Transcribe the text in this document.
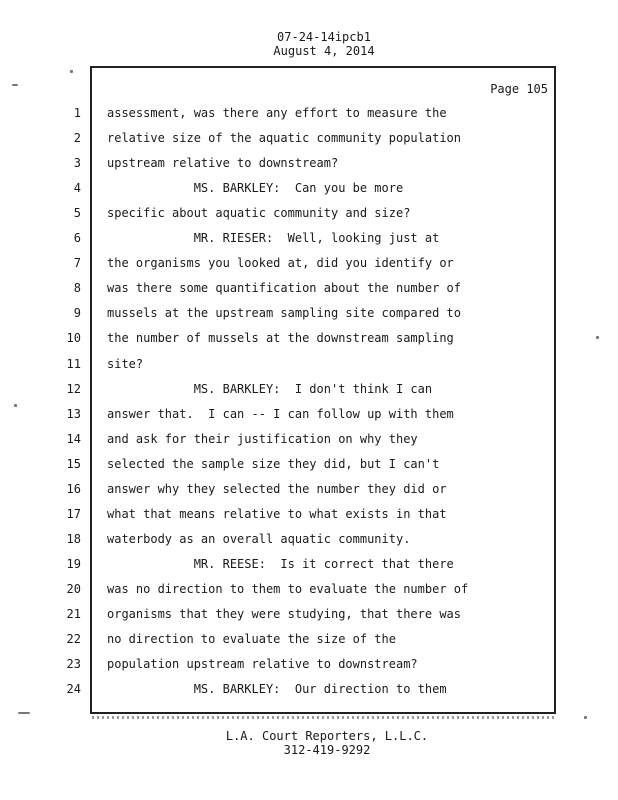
07-24-14ipcb1
August 4, 2014
Page 105
1
2
3
4
5
6
7
8
9
10
11
12
13
14
15
16
17
18
19
20
21
22
23
24
assessment, was there any effort to measure the
relative size of the aquatic community population
upstream relative to downstream?
MS. BARKLEY:  Can you be more
specific about aquatic community and size?
MR. RIESER:  Well, looking just at
the organisms you looked at, did you identify or
was there some quantification about the number of
mussels at the upstream sampling site compared to
the number of mussels at the downstream sampling
site?
MS. BARKLEY:  I don't think I can
answer that.  I can -- I can follow up with them
and ask for their justification on why they
selected the sample size they did, but I can't
answer why they selected the number they did or
what that means relative to what exists in that
waterbody as an overall aquatic community.
MR. REESE:  Is it correct that there
was no direction to them to evaluate the number of
organisms that they were studying, that there was
no direction to evaluate the size of the
population upstream relative to downstream?
MS. BARKLEY:  Our direction to them
L.A. Court Reporters, L.L.C.
312-419-9292
